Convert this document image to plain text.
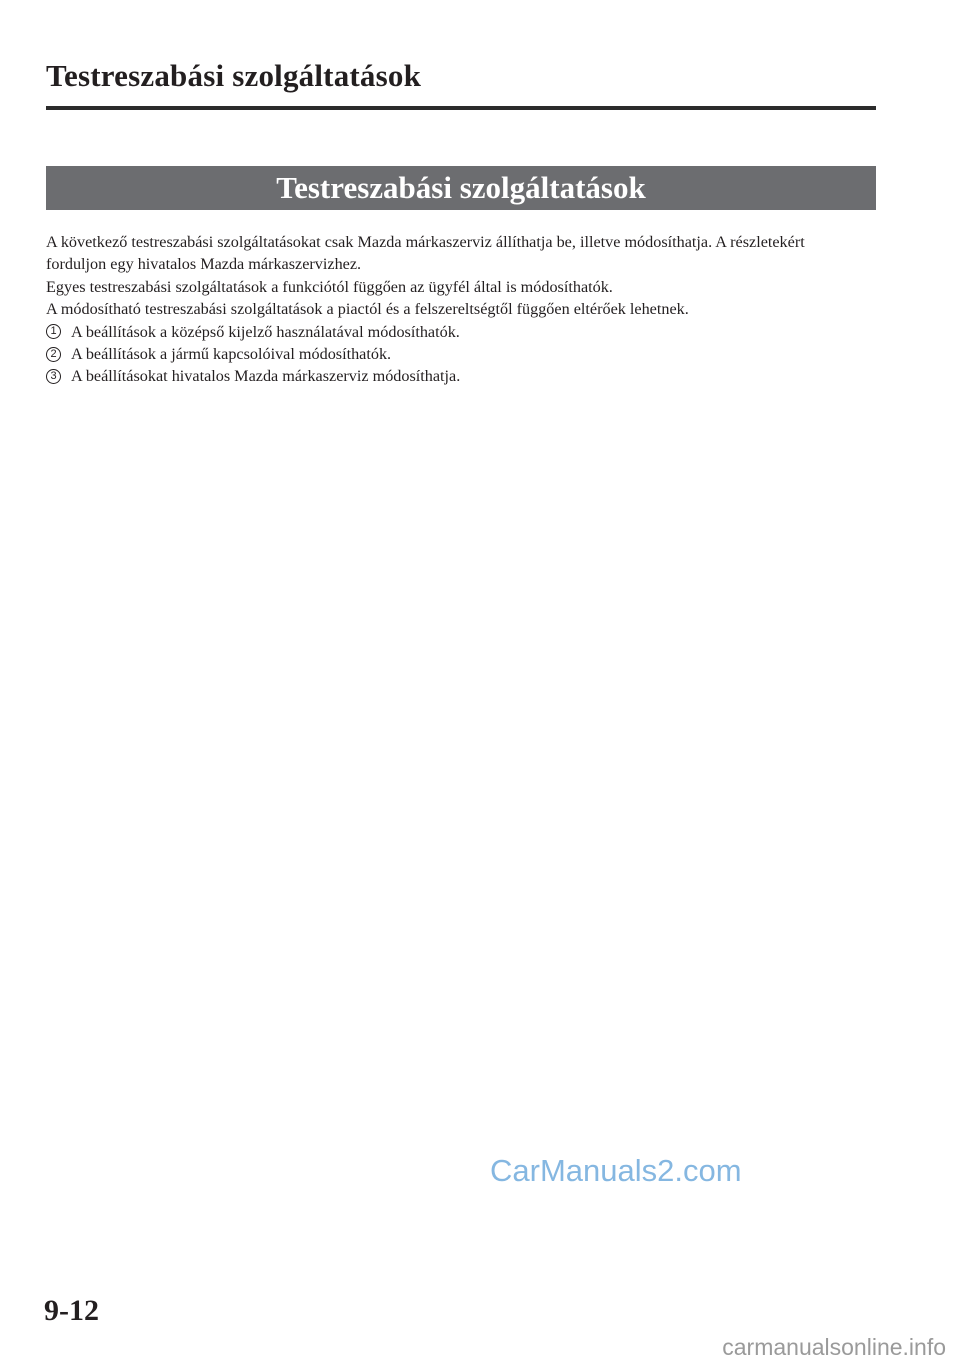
Testreszabási szolgáltatások
Testreszabási szolgáltatások

A következő testreszabási szolgáltatásokat csak Mazda márkaszerviz állíthatja be, illetve módosíthatja. A részletekért

forduljon egy hivatalos Mazda márkaszervizhez.

Egyes testreszabási szolgáltatások a funkciótól függően az ügyfél által is módosíthatók.

A módosítható testreszabási szolgáltatások a piactól és a felszereltségtől függően eltérőek lehetnek.

1 A beállítások a középső kijelző használatával módosíthatók.
2 A beállítások a jármű kapcsolóival módosíthatók.
3 A beállításokat hivatalos Mazda márkaszerviz módosíthatja.
CarManuals2.com
9-12
carmanualsonline.info
